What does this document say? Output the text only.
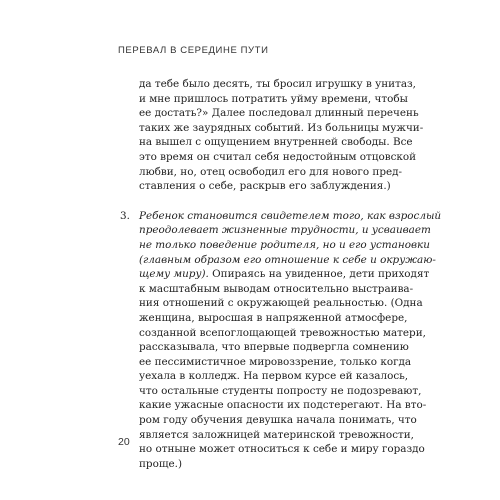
ПЕРЕВАЛ В СЕРЕДИНЕ ПУТИ
да тебе было десять, ты бросил игрушку в унитаз,
и мне пришлось потратить уйму времени, чтобы
ее достать?» Далее последовал длинный перечень
таких же заурядных событий. Из больницы мужчи-
на вышел с ощущением внутренней свободы. Все
это время он считал себя недостойным отцовской
любви, но, отец освободил его для нового пред-
ставления о себе, раскрыв его заблуждения.)
3. Ребенок становится свидетелем того, как взрослый
преодолевает жизненные трудности, и усваивает
не только поведение родителя, но и его установки
(главным образом его отношение к себе и окружаю-
щему миру). Опираясь на увиденное, дети приходят
к масштабным выводам относительно выстраива-
ния отношений с окружающей реальностью. (Одна
женщина, выросшая в напряженной атмосфере,
созданной всепоглощающей тревожностью матери,
рассказывала, что впервые подвергла сомнению
ее пессимистичное мировоззрение, только когда
уехала в колледж. На первом курсе ей казалось,
что остальные студенты попросту не подозревают,
какие ужасные опасности их подстерегают. На вто-
ром году обучения девушка начала понимать, что
является заложницей материнской тревожности,
но отныне может относиться к себе и миру гораздо
проще.)
20
